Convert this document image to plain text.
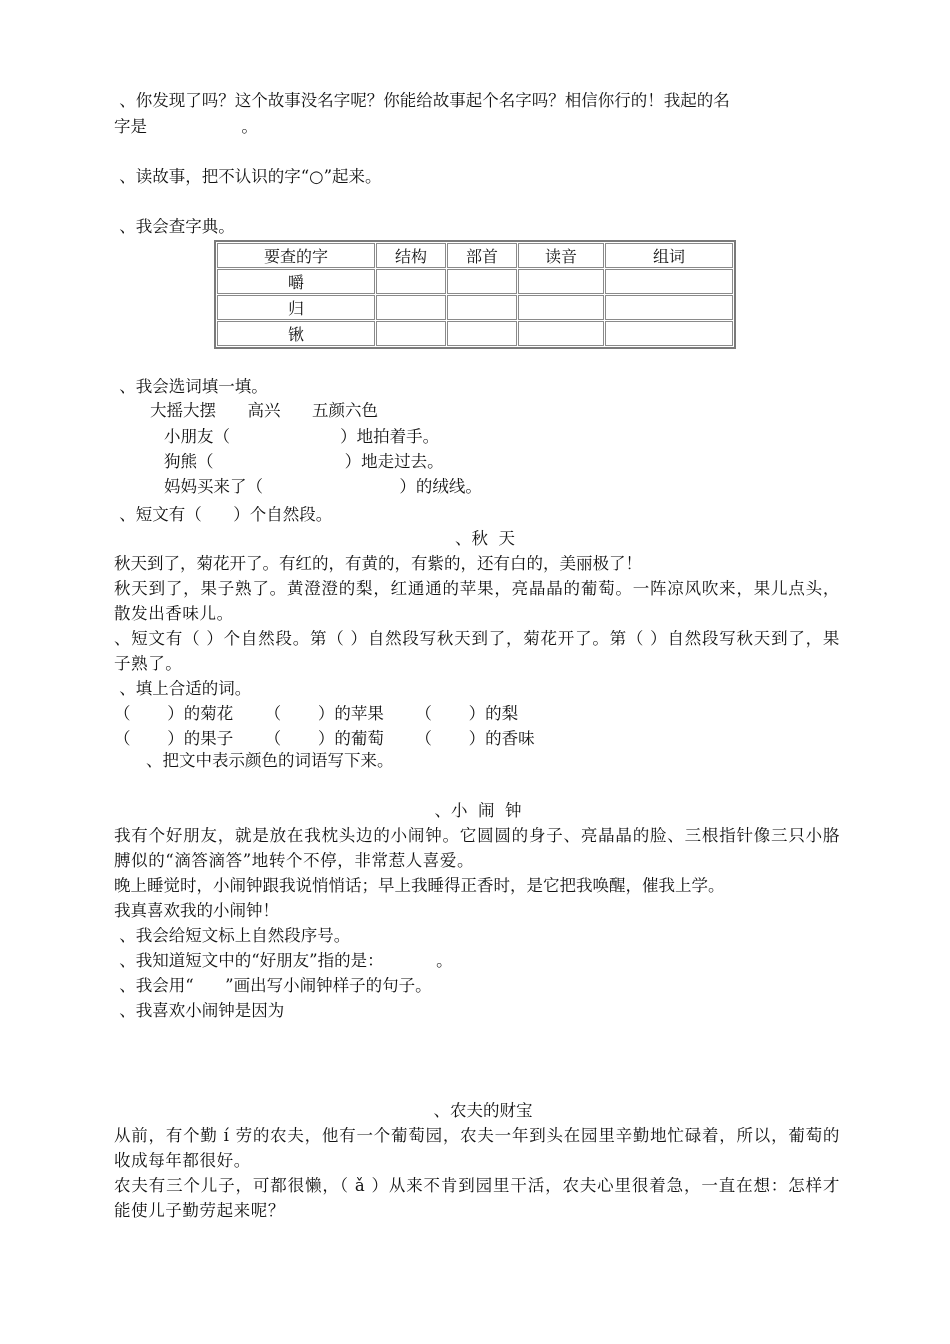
、你发现了吗？这个故事没名字呢？你能给故事起个名字吗？相信你行的！我起的名
字是                  。
、读故事，把不认识的字“○”起来。
、我会查字典。
要查的字	结构	部首	读音	组词
嚼				
归				
锹				
、我会选词填一填。
大摇大摆      高兴      五颜六色
小朋友（                     ）地拍着手。
狗熊（                         ）地走过去。
妈妈买来了（                          ）的绒线。
、短文有（      ）个自然段。
、秋  天
秋天到了，菊花开了。有红的，有黄的，有紫的，还有白的，美丽极了！
秋天到了，果子熟了。黄澄澄的梨，红通通的苹果，亮晶晶的葡萄。一阵凉风吹来，果儿点头，散发出香味儿。
、短文有（ ）个自然段。第（ ）自然段写秋天到了，菊花开了。第（ ）自然段写秋天到了，果子熟了。
、填上合适的词。
（       ）的菊花      （       ）的苹果      （       ）的梨
（       ）的果子      （       ）的葡萄      （       ）的香味
、把文中表示颜色的词语写下来。
、小  闹  钟
我有个好朋友，就是放在我枕头边的小闹钟。它圆圆的身子、亮晶晶的脸、三根指针像三只小胳膊似的“滴答滴答”地转个不停，非常惹人喜爱。
晚上睡觉时，小闹钟跟我说悄悄话；早上我睡得正香时，是它把我唤醒，催我上学。
我真喜欢我的小闹钟！
、我会给短文标上自然段序号。
、我知道短文中的“好朋友”指的是：          。
、我会用“      ”画出写小闹钟样子的句子。
、我喜欢小闹钟是因为
、农夫的财宝
从前，有个勤 í 劳的农夫，他有一个葡萄园，农夫一年到头在园里辛勤地忙碌着，所以，葡萄的收成每年都很好。
农夫有三个儿子，可都很懒，（ ǎ ）从来不肯到园里干活，农夫心里很着急，一直在想：怎样才能使儿子勤劳起来呢？
